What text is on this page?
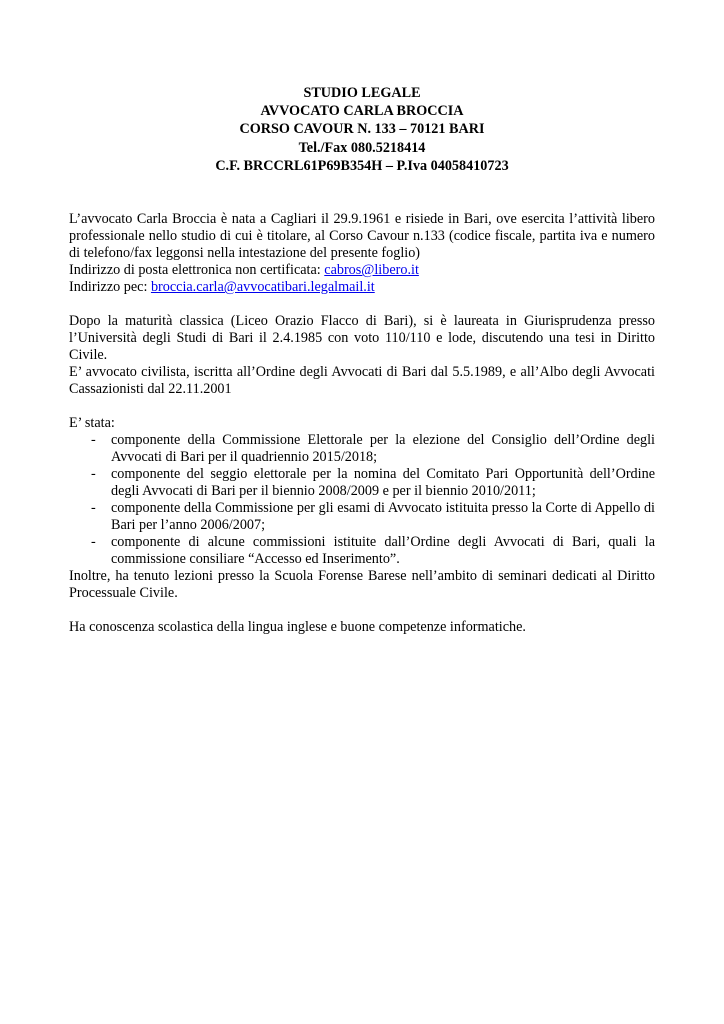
STUDIO LEGALE
AVVOCATO CARLA BROCCIA
CORSO CAVOUR N. 133 – 70121 BARI
Tel./Fax 080.5218414
C.F. BRCCRL61P69B354H – P.Iva 04058410723

L’avvocato Carla Broccia è nata a Cagliari il 29.9.1961 e risiede in Bari, ove esercita l’attività libero professionale nello studio di cui è titolare, al Corso Cavour n.133 (codice fiscale, partita iva e numero di telefono/fax leggonsi nella intestazione del presente foglio)

Indirizzo di posta elettronica non certificata: cabros@libero.it

Indirizzo pec: broccia.carla@avvocatibari.legalmail.it

Dopo la maturità classica (Liceo Orazio Flacco di Bari), si è laureata in Giurisprudenza presso l’Università degli Studi di Bari il 2.4.1985 con voto 110/110 e lode, discutendo una tesi in Diritto Civile.

E’ avvocato civilista, iscritta all’Ordine degli Avvocati di Bari dal 5.5.1989, e all’Albo degli Avvocati Cassazionisti dal 22.11.2001

E’ stata:

- componente della Commissione Elettorale per la elezione del Consiglio dell’Ordine degli Avvocati di Bari per il quadriennio 2015/2018;
- componente del seggio elettorale per la nomina del Comitato Pari Opportunità dell’Ordine degli Avvocati di Bari per il biennio 2008/2009 e per il biennio 2010/2011;
- componente della Commissione per gli esami di Avvocato istituita presso la Corte di Appello di Bari per l’anno 2006/2007;
- componente di alcune commissioni istituite dall’Ordine degli Avvocati di Bari, quali la commissione consiliare “Accesso ed Inserimento”.

Inoltre, ha tenuto lezioni presso la Scuola Forense Barese nell’ambito di seminari dedicati al Diritto Processuale Civile.

Ha conoscenza scolastica della lingua inglese e buone competenze informatiche.
